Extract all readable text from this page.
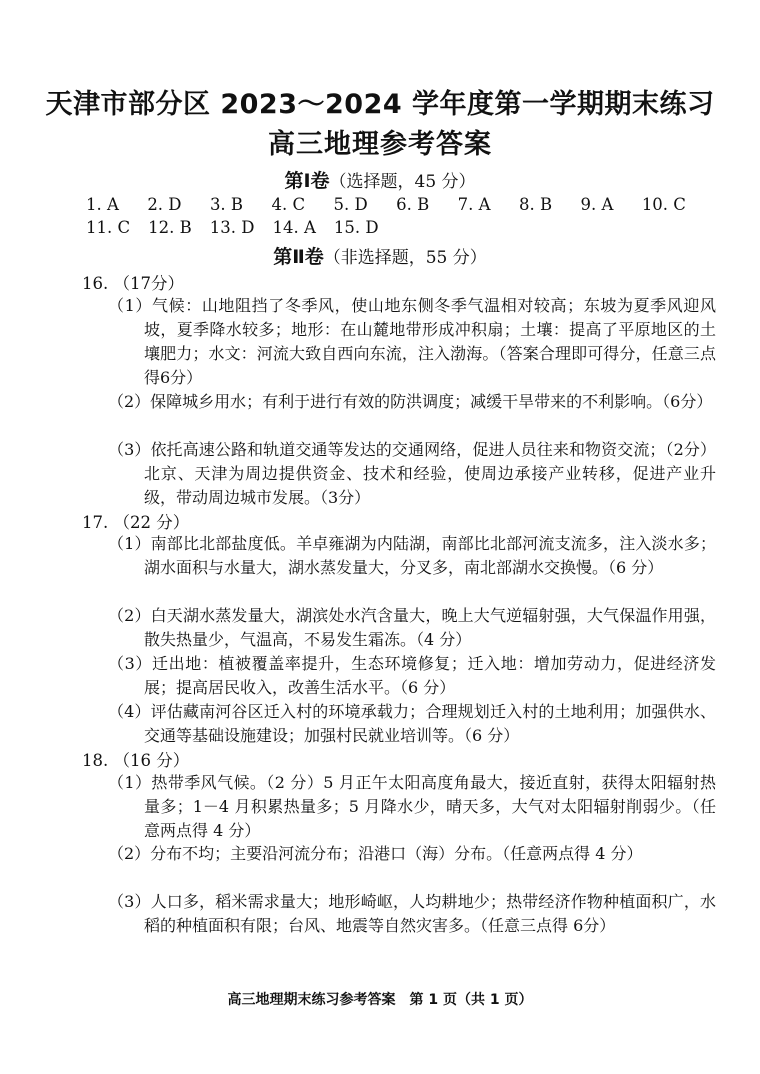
天津市部分区 2023～2024 学年度第一学期期末练习
高三地理参考答案
第Ⅰ卷（选择题，45 分）
1. A 2. D 3. B 4. C 5. D 6. B 7. A 8. B 9. A 10. C
11. C 12. B 13. D 14. A 15. D
第Ⅱ卷（非选择题，55 分）
16. （17分）
（1）气候：山地阻挡了冬季风，使山地东侧冬季气温相对较高；东坡为夏季风迎风坡，夏季降水较多；地形：在山麓地带形成冲积扇；土壤：提高了平原地区的土壤肥力；水文：河流大致自西向东流，注入渤海。（答案合理即可得分，任意三点得6分）
（2）保障城乡用水；有利于进行有效的防洪调度；减缓干旱带来的不利影响。（6分）
（3）依托高速公路和轨道交通等发达的交通网络，促进人员往来和物资交流；（2分）北京、天津为周边提供资金、技术和经验，使周边承接产业转移，促进产业升级，带动周边城市发展。（3分）
17. （22 分）
（1）南部比北部盐度低。羊卓雍湖为内陆湖，南部比北部河流支流多，注入淡水多；湖水面积与水量大，湖水蒸发量大，分叉多，南北部湖水交换慢。（6 分）
（2）白天湖水蒸发量大，湖滨处水汽含量大，晚上大气逆辐射强，大气保温作用强，散失热量少，气温高，不易发生霜冻。（4 分）
（3）迁出地：植被覆盖率提升，生态环境修复；迁入地：增加劳动力，促进经济发展；提高居民收入，改善生活水平。（6 分）
（4）评估藏南河谷区迁入村的环境承载力；合理规划迁入村的土地利用；加强供水、交通等基础设施建设；加强村民就业培训等。（6 分）
18. （16 分）
（1）热带季风气候。（2 分）5 月正午太阳高度角最大，接近直射，获得太阳辐射热量多；1－4 月积累热量多；5 月降水少，晴天多，大气对太阳辐射削弱少。（任意两点得 4 分）
（2）分布不均；主要沿河流分布；沿港口（海）分布。（任意两点得 4 分）
（3）人口多，稻米需求量大；地形崎岖，人均耕地少；热带经济作物种植面积广，水稻的种植面积有限；台风、地震等自然灾害多。（任意三点得 6分）
高三地理期末练习参考答案　第 1 页（共 1 页）
